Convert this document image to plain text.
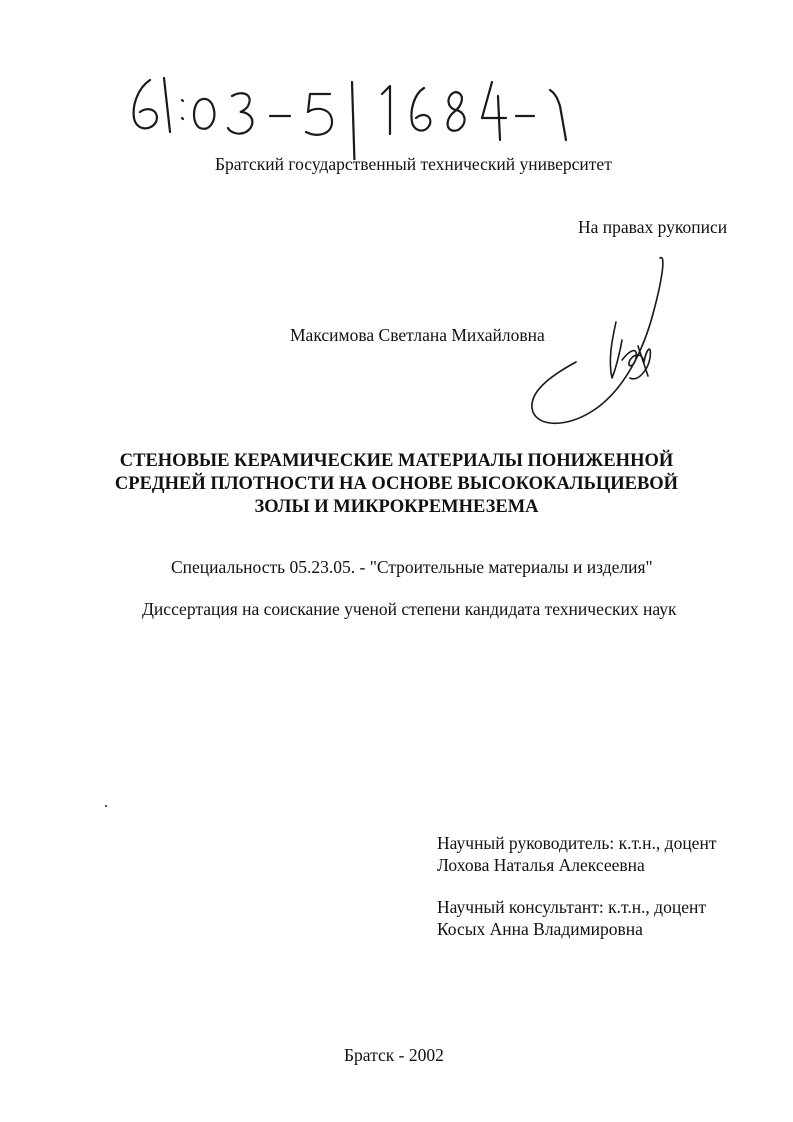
Братский государственный технический университет
На правах рукописи
Максимова Светлана Михайловна
СТЕНОВЫЕ КЕРАМИЧЕСКИЕ МАТЕРИАЛЫ ПОНИЖЕННОЙ
СРЕДНЕЙ ПЛОТНОСТИ НА ОСНОВЕ ВЫСОКОКАЛЬЦИЕВОЙ
ЗОЛЫ И МИКРОКРЕМНЕЗЕМА
Специальность 05.23.05. - "Строительные материалы и изделия"
Диссертация на соискание ученой степени кандидата технических наук
Научный руководитель: к.т.н., доцент
Лохова Наталья Алексеевна
Научный консультант: к.т.н., доцент
Косых Анна Владимировна
Братск - 2002
